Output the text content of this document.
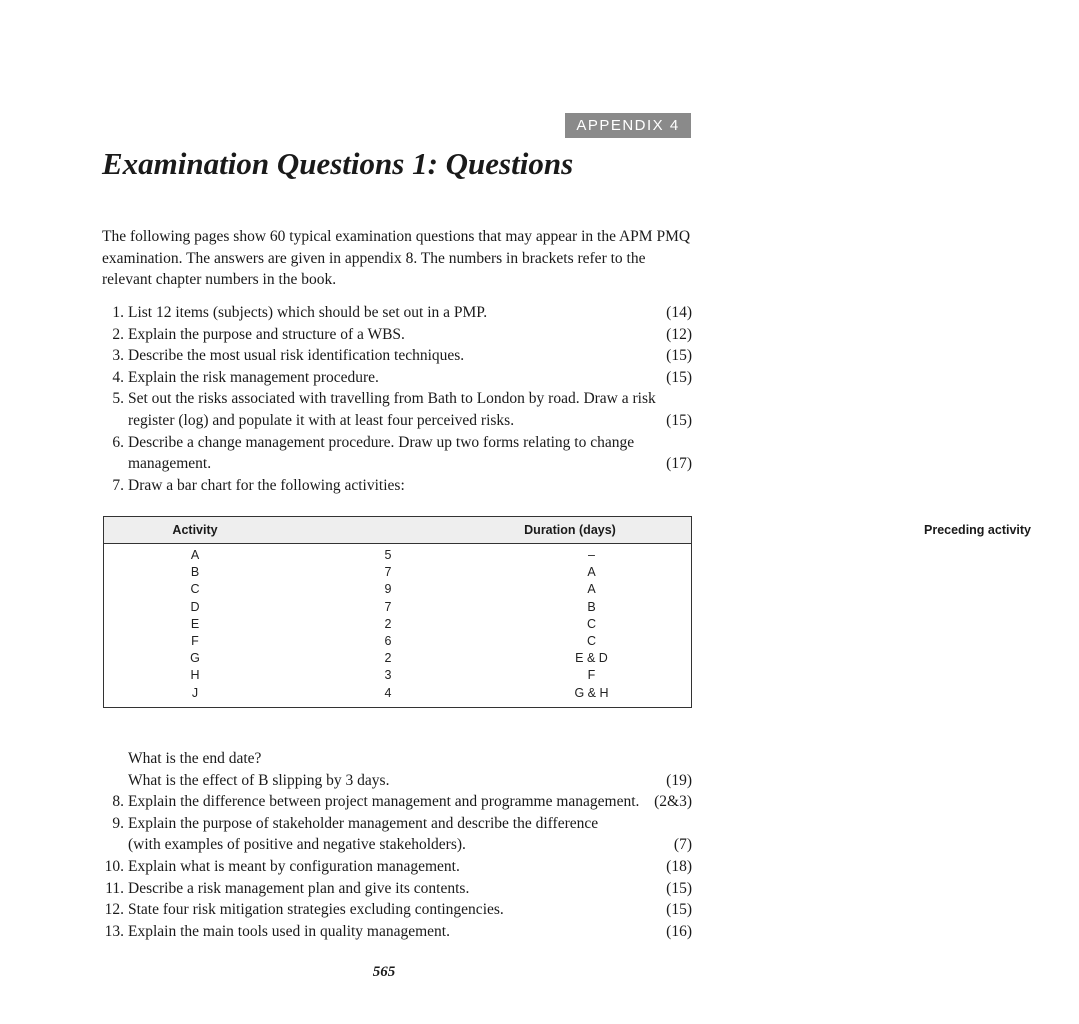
APPENDIX 4
Examination Questions 1: Questions

The following pages show 60 typical examination questions that may appear in the APM PMQ examination. The answers are given in appendix 8. The numbers in brackets refer to the relevant chapter numbers in the book.

1. List 12 items (subjects) which should be set out in a PMP.	(14)
2. Explain the purpose and structure of a WBS.	(12)
3. Describe the most usual risk identification techniques.	(15)
4. Explain the risk management procedure.	(15)
5. Set out the risks associated with travelling from Bath to London by road. Draw a risk
register (log) and populate it with at least four perceived risks.	(15)
6. Describe a change management procedure. Draw up two forms relating to change
management.	(17)
7. Draw a bar chart for the following activities:
Activity	Duration (days)	Preceding activity
A	5	–
B	7	A
C	9	A
D	7	B
E	2	C
F	6	C
G	2	E & D
H	3	F
J	4	G & H
What is the end date?
What is the effect of B slipping by 3 days.	(19)
8. Explain the difference between project management and programme management. (2&3)
9. Explain the purpose of stakeholder management and describe the difference
(with examples of positive and negative stakeholders).	(7)
10. Explain what is meant by configuration management.	(18)
11. Describe a risk management plan and give its contents.	(15)
12. State four risk mitigation strategies excluding contingencies.	(15)
13. Explain the main tools used in quality management.	(16)
565
